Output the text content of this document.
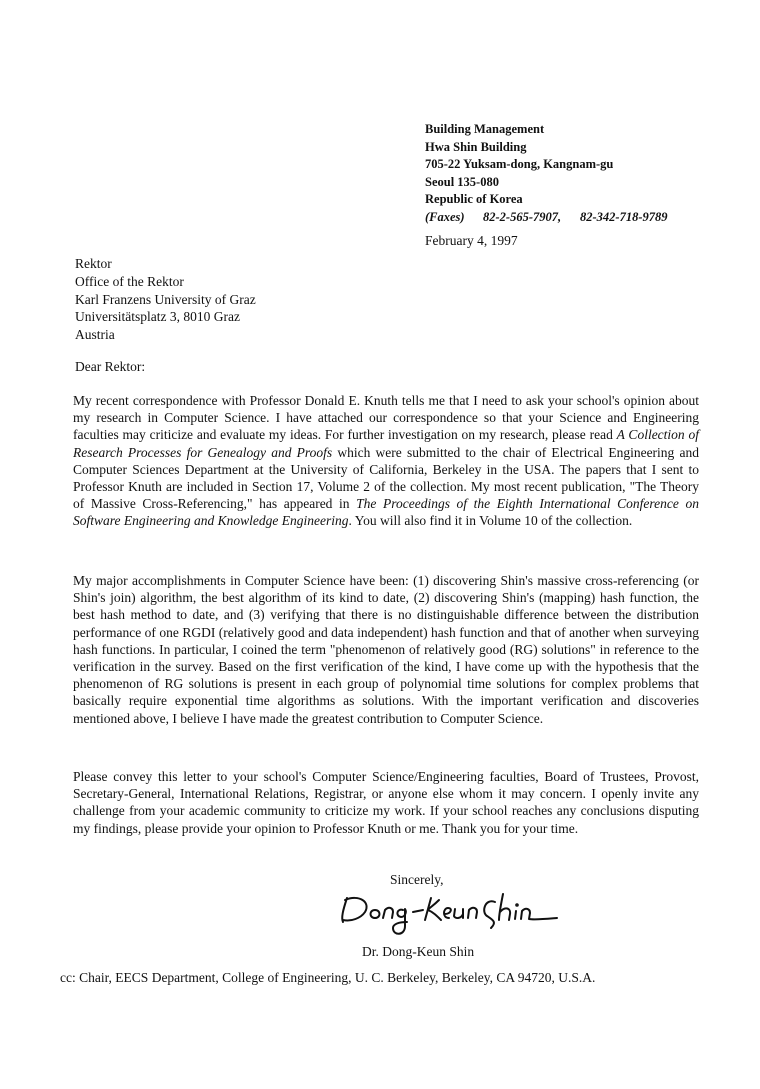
Building Management
Hwa Shin Building
705-22 Yuksam-dong, Kangnam-gu
Seoul 135-080
Republic of Korea
(Faxes) 82-2-565-7907, 82-342-718-9789
February 4, 1997
Rektor
Office of the Rektor
Karl Franzens University of Graz
Universitätsplatz 3, 8010 Graz
Austria
Dear Rektor:
My recent correspondence with Professor Donald E. Knuth tells me that I need to ask your school's opinion about my research in Computer Science. I have attached our correspondence so that your Science and Engineering faculties may criticize and evaluate my ideas. For further investigation on my research, please read A Collection of Research Processes for Genealogy and Proofs which were submitted to the chair of Electrical Engineering and Computer Sciences Department at the University of California, Berkeley in the USA. The papers that I sent to Professor Knuth are included in Section 17, Volume 2 of the collection. My most recent publication, "The Theory of Massive Cross-Referencing," has appeared in The Proceedings of the Eighth International Conference on Software Engineering and Knowledge Engineering. You will also find it in Volume 10 of the collection.
My major accomplishments in Computer Science have been: (1) discovering Shin's massive cross-referencing (or Shin's join) algorithm, the best algorithm of its kind to date, (2) discovering Shin's (mapping) hash function, the best hash method to date, and (3) verifying that there is no distinguishable difference between the distribution performance of one RGDI (relatively good and data independent) hash function and that of another when surveying hash functions. In particular, I coined the term "phenomenon of relatively good (RG) solutions" in reference to the verification in the survey. Based on the first verification of the kind, I have come up with the hypothesis that the phenomenon of RG solutions is present in each group of polynomial time solutions for complex problems that basically require exponential time algorithms as solutions. With the important verification and discoveries mentioned above, I believe I have made the greatest contribution to Computer Science.
Please convey this letter to your school's Computer Science/Engineering faculties, Board of Trustees, Provost, Secretary-General, International Relations, Registrar, or anyone else whom it may concern. I openly invite any challenge from your academic community to criticize my work. If your school reaches any conclusions disputing my findings, please provide your opinion to Professor Knuth or me. Thank you for your time.
Sincerely,
Dr. Dong-Keun Shin
cc: Chair, EECS Department, College of Engineering, U. C. Berkeley, Berkeley, CA 94720, U.S.A.
